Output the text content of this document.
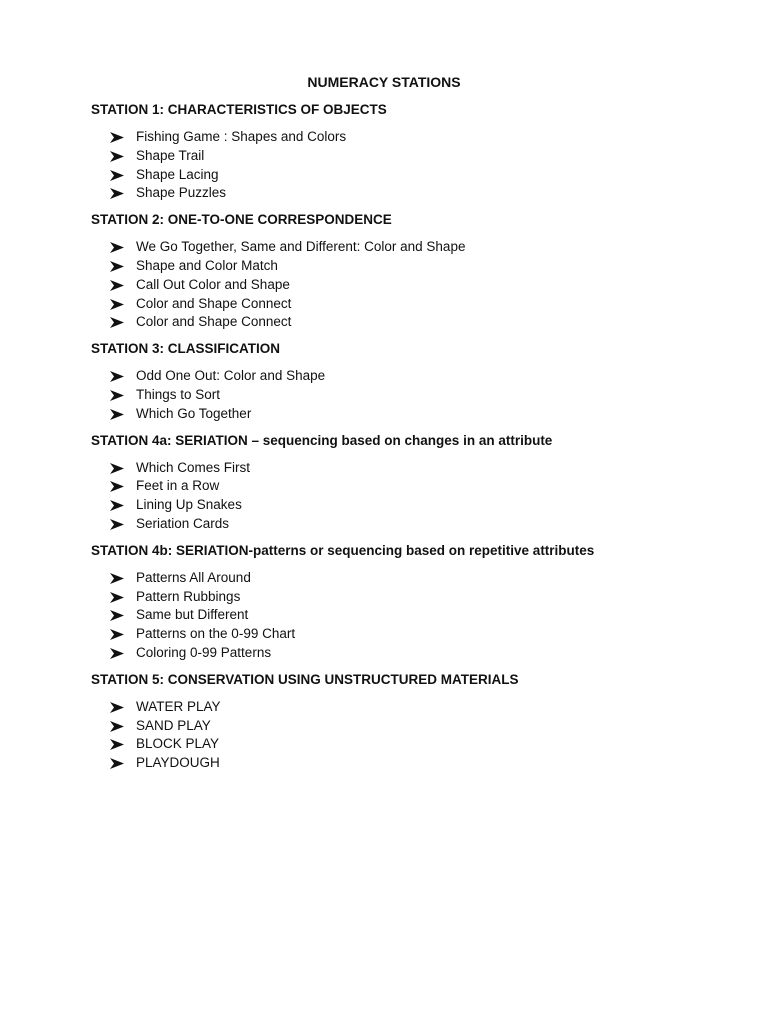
NUMERACY STATIONS
STATION 1: CHARACTERISTICS OF OBJECTS
Fishing Game : Shapes and Colors
Shape Trail
Shape Lacing
Shape Puzzles
STATION 2: ONE-TO-ONE CORRESPONDENCE
We Go Together, Same and Different: Color and Shape
Shape and Color Match
Call Out Color and Shape
Color and Shape Connect
Color and Shape Connect
STATION 3: CLASSIFICATION
Odd One Out: Color and Shape
Things to Sort
Which Go Together
STATION 4a: SERIATION – sequencing based on changes in an attribute
Which Comes First
Feet in a Row
Lining Up Snakes
Seriation Cards
STATION 4b: SERIATION-patterns or sequencing based on repetitive attributes
Patterns All Around
Pattern Rubbings
Same but Different
Patterns on the 0-99 Chart
Coloring 0-99 Patterns
STATION 5: CONSERVATION USING UNSTRUCTURED MATERIALS
WATER PLAY
SAND PLAY
BLOCK PLAY
PLAYDOUGH
